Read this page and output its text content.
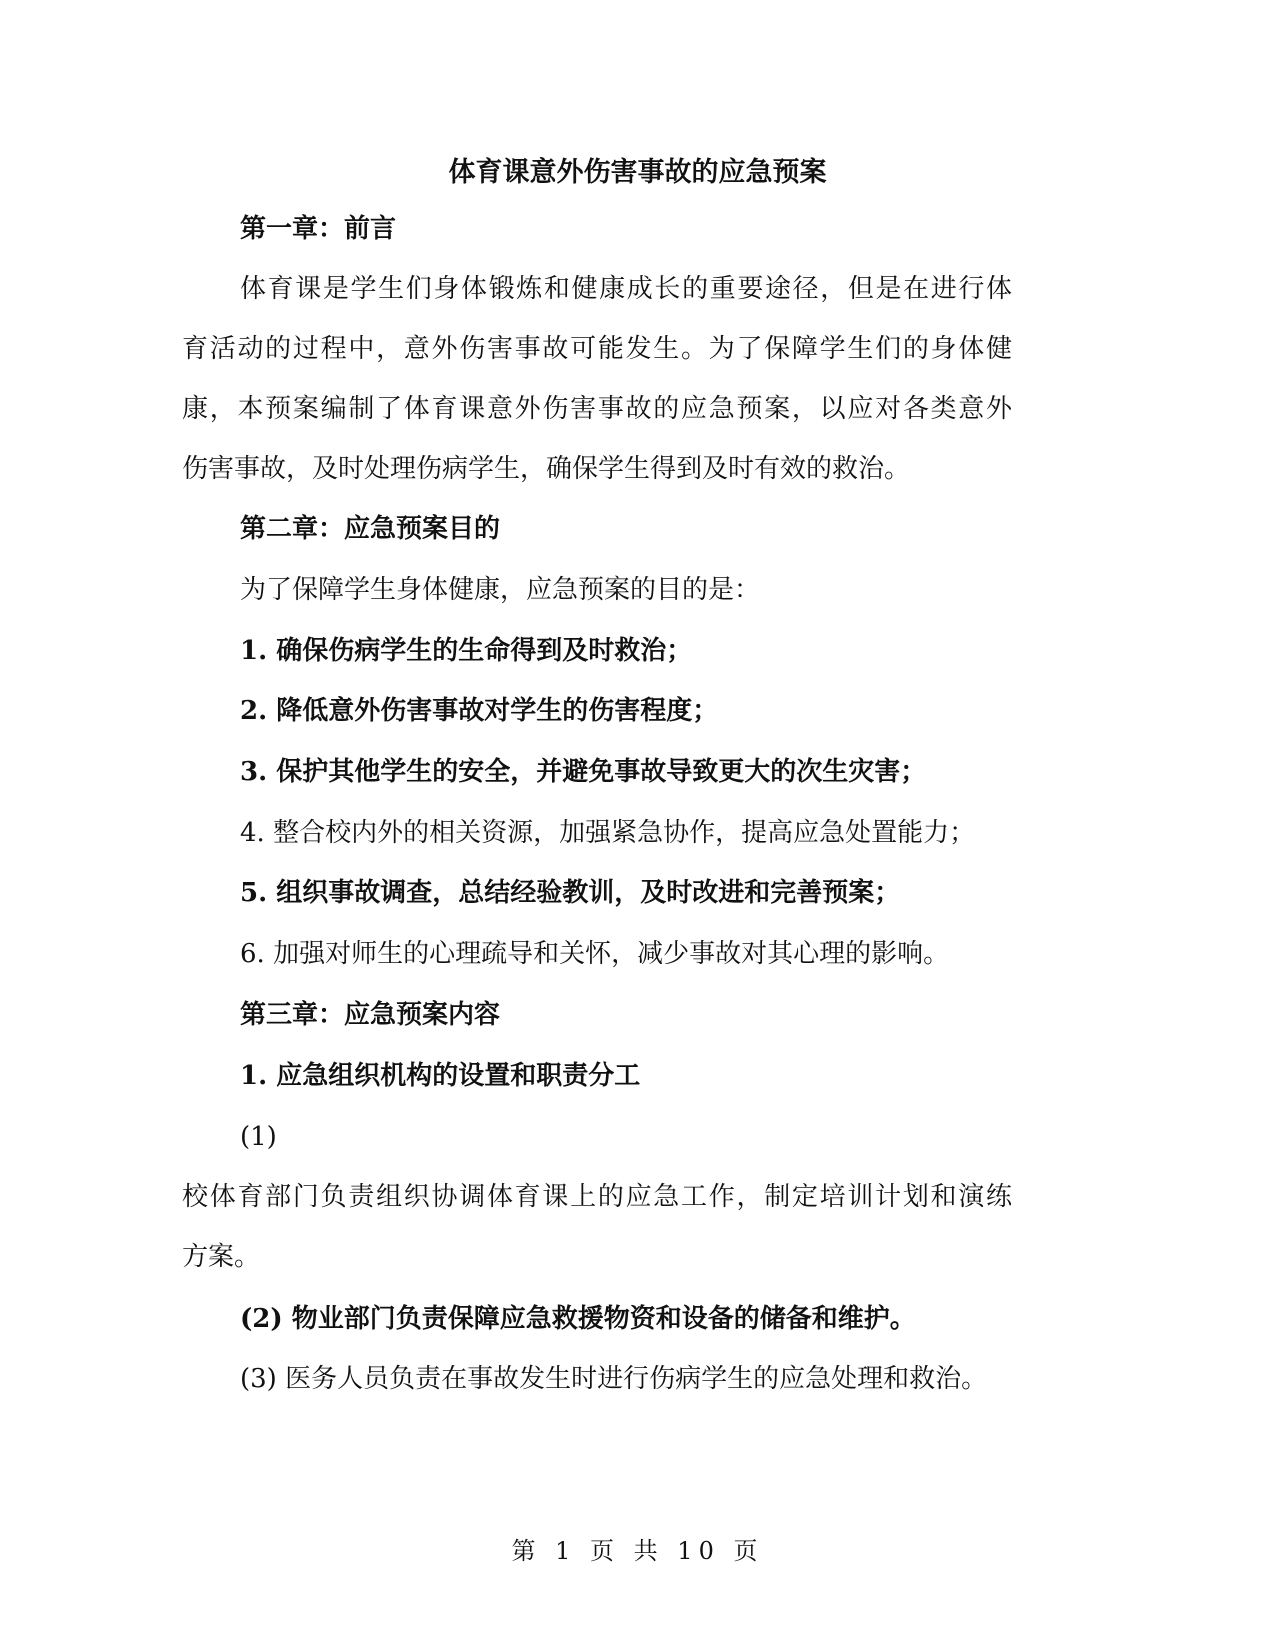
体育课意外伤害事故的应急预案
第一章：前言
体育课是学生们身体锻炼和健康成长的重要途径，但是在进行体
育活动的过程中，意外伤害事故可能发生。为了保障学生们的身体健
康，本预案编制了体育课意外伤害事故的应急预案，以应对各类意外
伤害事故，及时处理伤病学生，确保学生得到及时有效的救治。
第二章：应急预案目的
为了保障学生身体健康，应急预案的目的是：
1. 确保伤病学生的生命得到及时救治；
2. 降低意外伤害事故对学生的伤害程度；
3. 保护其他学生的安全，并避免事故导致更大的次生灾害；
4. 整合校内外的相关资源，加强紧急协作，提高应急处置能力；
5. 组织事故调查，总结经验教训，及时改进和完善预案；
6. 加强对师生的心理疏导和关怀，减少事故对其心理的影响。
第三章：应急预案内容
1. 应急组织机构的设置和职责分工
(1)
校体育部门负责组织协调体育课上的应急工作，制定培训计划和演练
方案。
(2) 物业部门负责保障应急救援物资和设备的储备和维护。
(3) 医务人员负责在事故发生时进行伤病学生的应急处理和救治。
第 1 页 共 10 页
